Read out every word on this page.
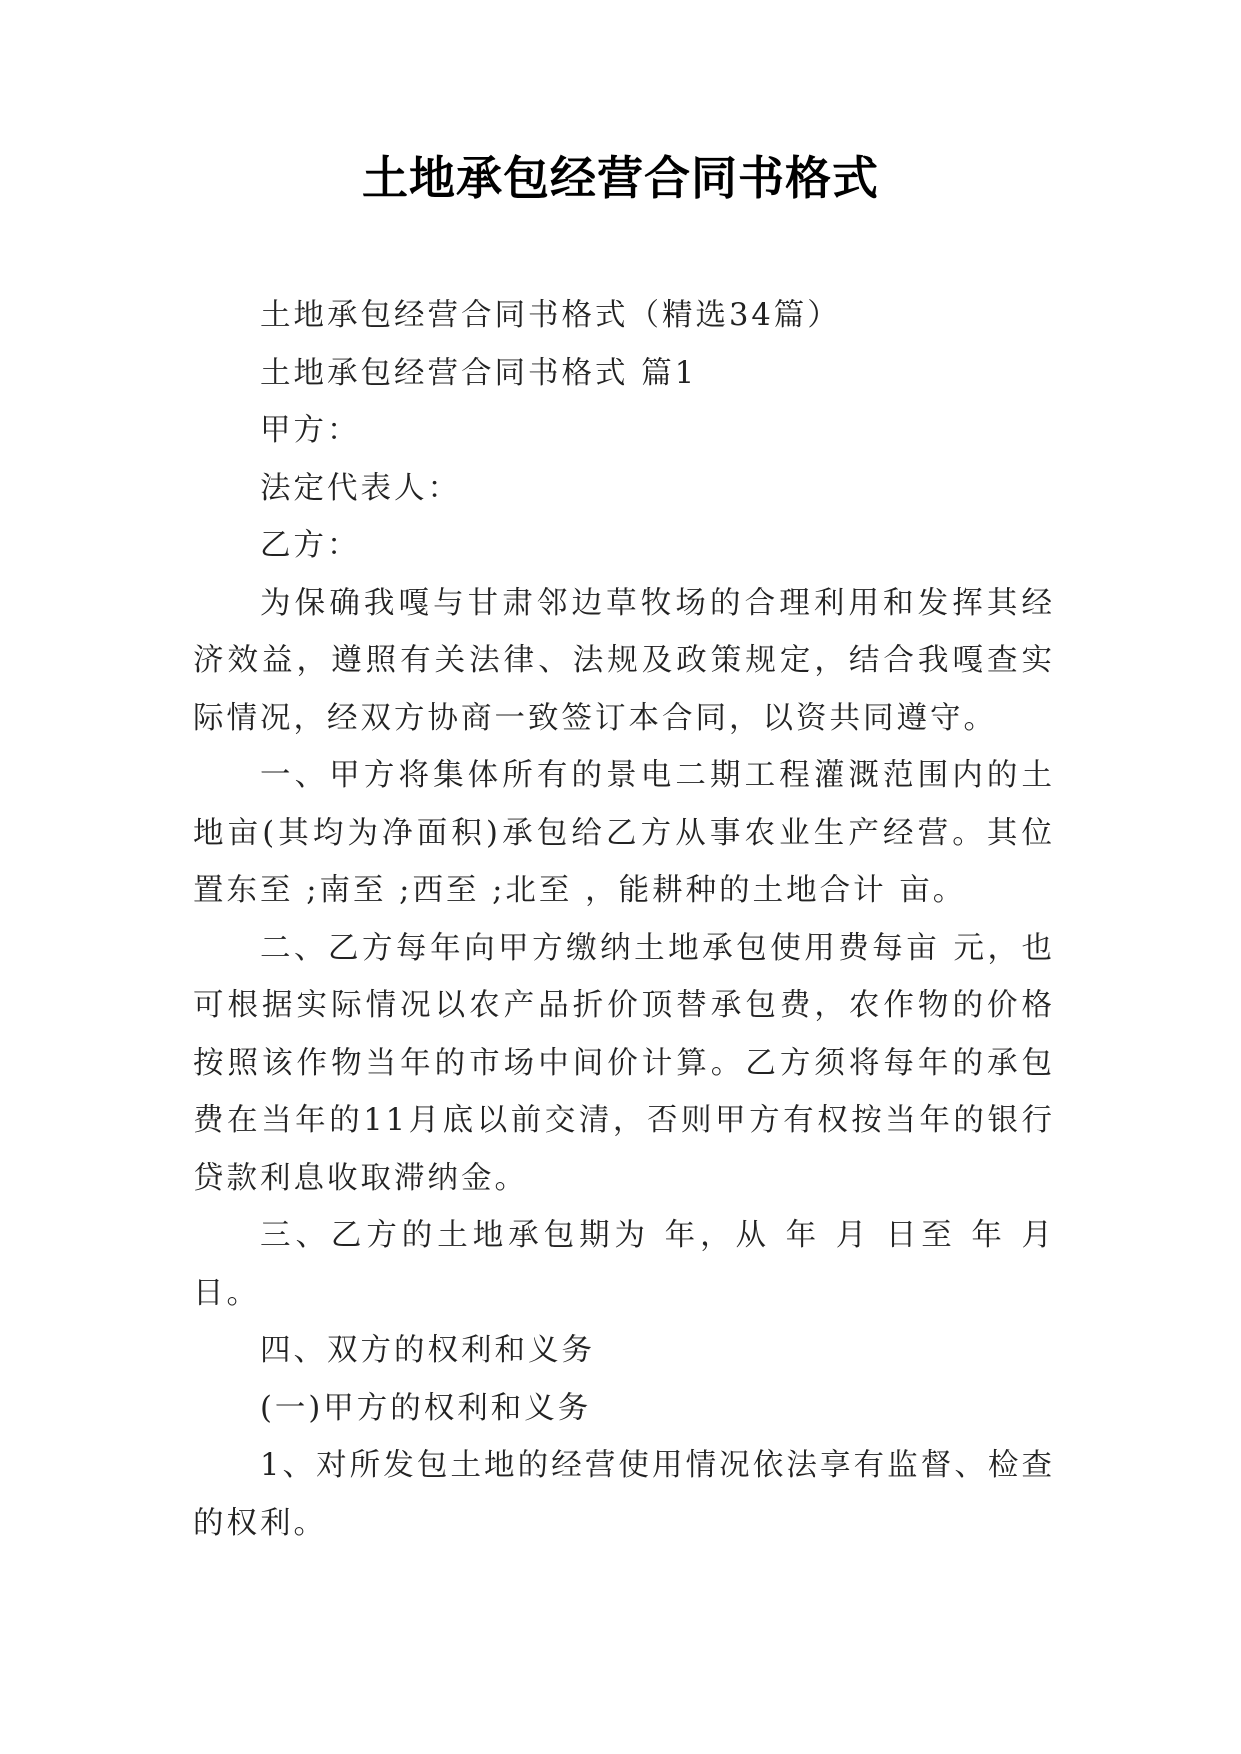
土地承包经营合同书格式

土地承包经营合同书格式（精选34篇）

土地承包经营合同书格式 篇1

甲方：

法定代表人：

乙方：

为保确我嘎与甘肃邻边草牧场的合理利用和发挥其经济效益，遵照有关法律、法规及政策规定，结合我嘎查实际情况，经双方协商一致签订本合同，以资共同遵守。

一、甲方将集体所有的景电二期工程灌溉范围内的土地亩(其均为净面积)承包给乙方从事农业生产经营。其位置东至 ;南至 ;西至 ;北至 ，能耕种的土地合计 亩。

二、乙方每年向甲方缴纳土地承包使用费每亩 元，也可根据实际情况以农产品折价顶替承包费，农作物的价格按照该作物当年的市场中间价计算。乙方须将每年的承包费在当年的11月底以前交清，否则甲方有权按当年的银行贷款利息收取滞纳金。

三、乙方的土地承包期为 年，从 年 月 日至 年 月日。

四、双方的权利和义务

(一)甲方的权利和义务

1、对所发包土地的经营使用情况依法享有监督、检查的权利。
